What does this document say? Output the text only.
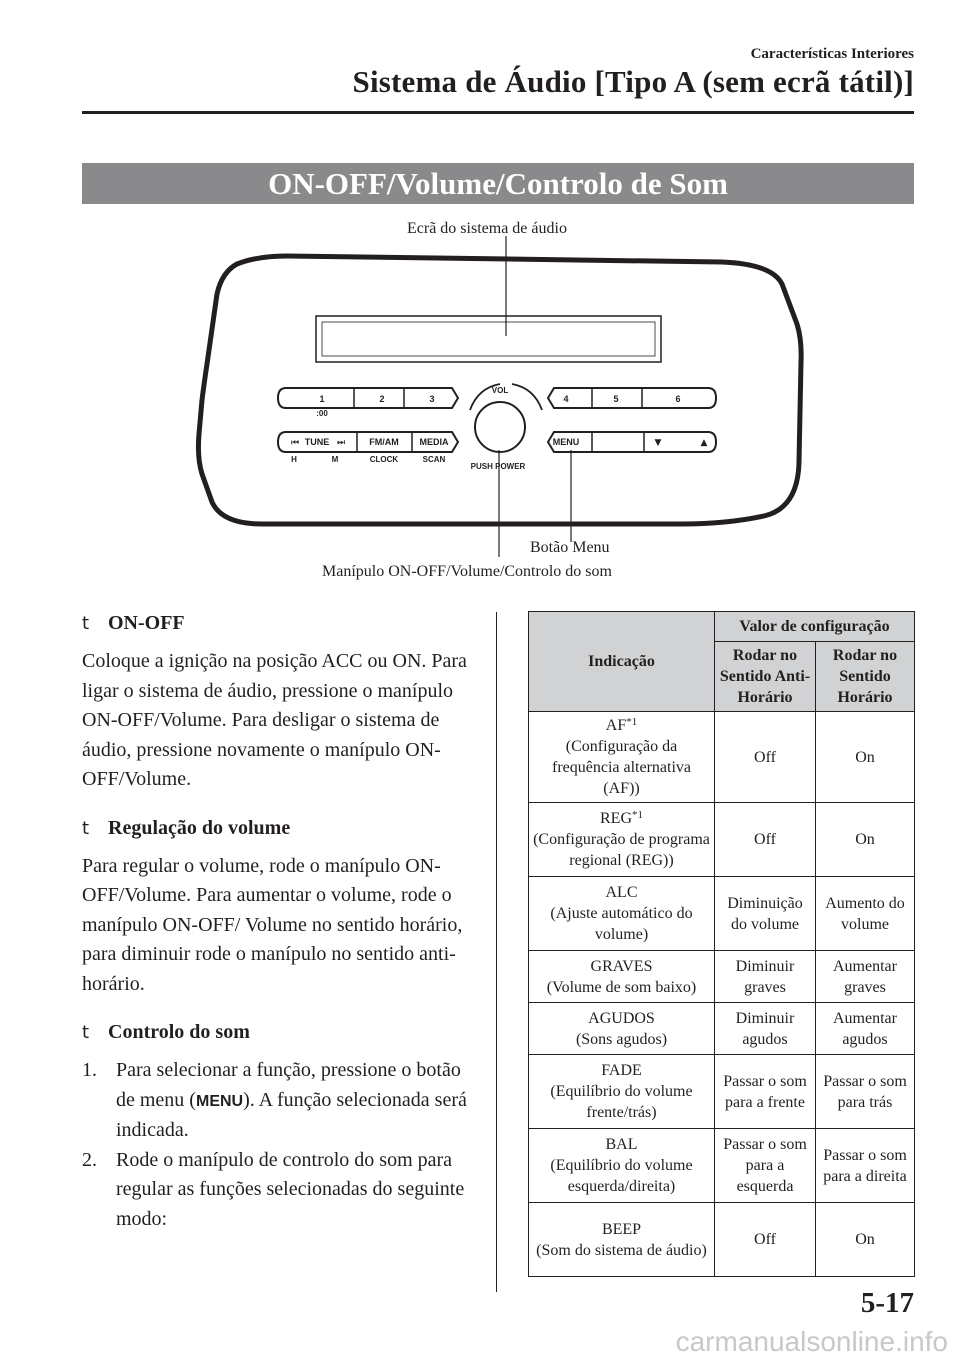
Características Interiores
Sistema de Áudio [Tipo A (sem ecrã tátil)]
ON-OFF/Volume/Controlo de Som
Ecrã do sistema de áudio
1
:00
2	3
⏮ TUNE ⏭	FM/AM MEDIA
H	M	CLOCK	SCAN
VOL
PUSH POWER
4	5	6
MENU	▼	▲
Botão Menu
Manípulo ON-OFF/Volume/Controlo do som
t ON-OFF

Coloque a ignição na posição ACC ou ON. Para ligar o sistema de áudio, pressione o manípulo ON-OFF/Volume. Para desligar o sistema de áudio, pressione novamente o manípulo ON-OFF/Volume.

t Regulação do volume

Para regular o volume, rode o manípulo ON-OFF/Volume. Para aumentar o volume, rode o manípulo ON-OFF/ Volume no sentido horário, para diminuir rode o manípulo no sentido anti-horário.

t Controlo do som
1. Para selecionar a função, pressione o botão de menu (MENU). A função selecionada será indicada.
2. Rode o manípulo de controlo do som para regular as funções selecionadas do seguinte modo:
Indicação	Valor de configuração	
	Rodar no Sentido Anti-Horário	Rodar no Sentido Horário
AF$^{*1}$
(Configuração da frequência alternativa (AF))	Off	On
REG$^{*1}$
(Configuração de programa regional (REG))	Off	On
ALC
(Ajuste automático do volume)	Diminuição do volume	Aumento do volume
GRAVES
(Volume de som baixo)	Diminuir graves	Aumentar graves
AGUDOS
(Sons agudos)	Diminuir agudos	Aumentar agudos
FADE
(Equilíbrio do volume frente/trás)	Passar o som para a frente	Passar o som para trás
BAL
(Equilíbrio do volume esquerda/direita)	Passar o som para a esquerda	Passar o som para a direita
BEEP
(Som do sistema de áudio)	Off	On
5-17
carmanualsonline.info
